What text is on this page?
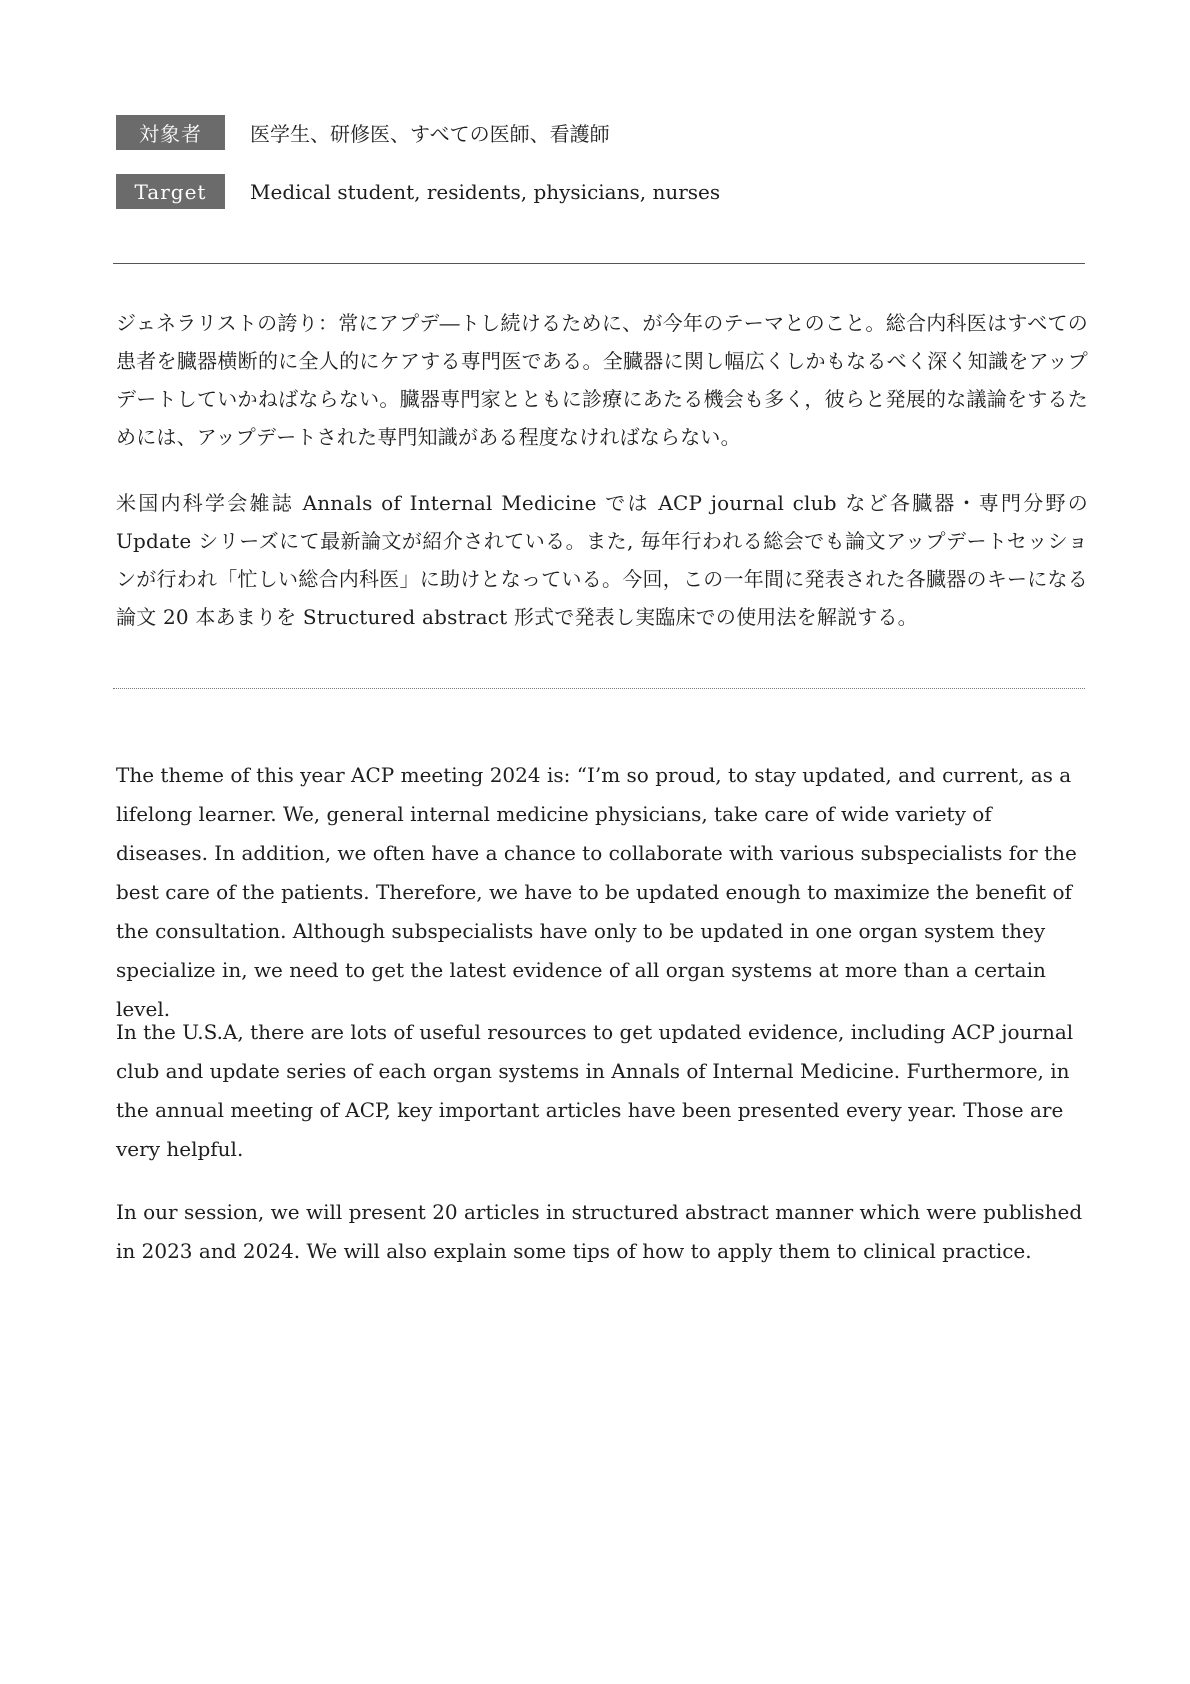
対象者	医学生、研修医、すべての医師、看護師
Target	Medical student, residents, physicians, nurses

ジェネラリストの誇り：常にアプデ―トし続けるために、が今年のテーマとのこと。総合内科医はすべての患者を臓器横断的に全人的にケアする専門医である。全臓器に関し幅広くしかもなるべく深く知識をアップデートしていかねばならない。臓器専門家とともに診療にあたる機会も多く，彼らと発展的な議論をするためには、アップデートされた専門知識がある程度なければならない。

米国内科学会雑誌 Annals of Internal Medicine では ACP journal club など各臓器・専門分野の Update シリーズにて最新論文が紹介されている。また, 毎年行われる総会でも論文アップデートセッションが行われ「忙しい総合内科医」に助けとなっている。今回，この一年間に発表された各臓器のキーになる論文 20 本あまりを Structured abstract 形式で発表し実臨床での使用法を解説する。

The theme of this year ACP meeting 2024 is: “I’m so proud, to stay updated, and current, as a lifelong learner. We, general internal medicine physicians, take care of wide variety of diseases. In addition, we often have a chance to collaborate with various subspecialists for the best care of the patients. Therefore, we have to be updated enough to maximize the benefit of the consultation. Although subspecialists have only to be updated in one organ system they specialize in, we need to get the latest evidence of all organ systems at more than a certain level.

In the U.S.A, there are lots of useful resources to get updated evidence, including ACP journal club and update series of each organ systems in Annals of Internal Medicine. Furthermore, in the annual meeting of ACP, key important articles have been presented every year. Those are very helpful.

In our session, we will present 20 articles in structured abstract manner which were published in 2023 and 2024. We will also explain some tips of how to apply them to clinical practice.
